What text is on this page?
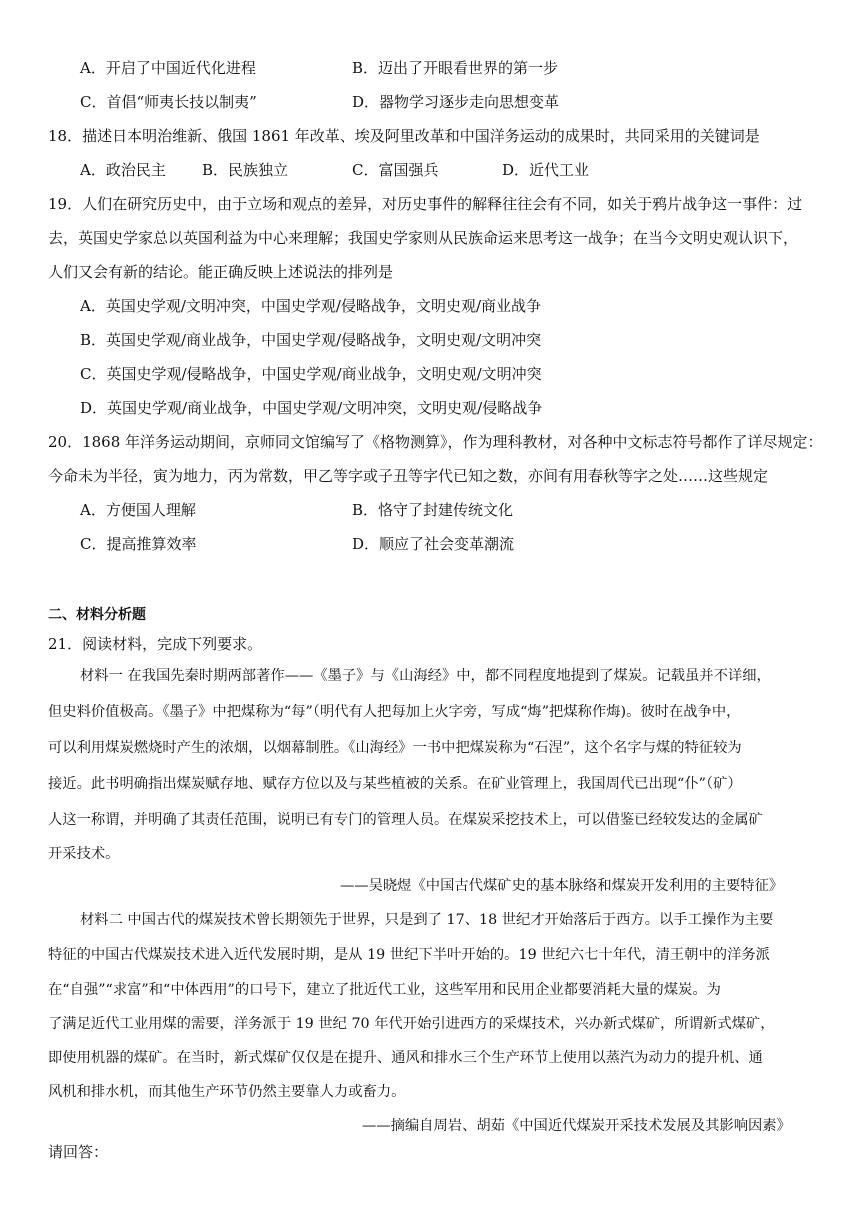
A．开启了中国近代化进程	B．迈出了开眼看世界的第一步
C．首倡“师夷长技以制夷”	D．器物学习逐步走向思想变革
18．描述日本明治维新、俄国 1861 年改革、埃及阿里改革和中国洋务运动的成果时，共同采用的关键词是
A．政治民主 B．民族独立	C．富国强兵	D．近代工业
19．人们在研究历史中，由于立场和观点的差异，对历史事件的解释往往会有不同，如关于鸦片战争这一事件：过
去，英国史学家总以英国利益为中心来理解；我国史学家则从民族命运来思考这一战争；在当今文明史观认识下，
人们又会有新的结论。能正确反映上述说法的排列是
A．英国史学观/文明冲突，中国史学观/侵略战争，文明史观/商业战争
B．英国史学观/商业战争，中国史学观/侵略战争，文明史观/文明冲突
C．英国史学观/侵略战争，中国史学观/商业战争，文明史观/文明冲突
D．英国史学观/商业战争，中国史学观/文明冲突，文明史观/侵略战争
20．1868 年洋务运动期间，京师同文馆编写了《格物测算》，作为理科教材，对各种中文标志符号都作了详尽规定：
今命未为半径，寅为地力，丙为常数，甲乙等字或子丑等字代已知之数，亦间有用春秋等字之处……这些规定
A．方便国人理解	B．恪守了封建传统文化
C．提高推算效率	D．顺应了社会变革潮流
二、材料分析题
21．阅读材料，完成下列要求。
材料一 在我国先秦时期两部著作——《墨子》与《山海经》中，都不同程度地提到了煤炭。记载虽并不详细，
但史料价值极高。《墨子》中把煤称为“每”（明代有人把每加上火字旁，写成“烸”把煤称作烸)。彼时在战争中，
可以利用煤炭燃烧时产生的浓烟，以烟幕制胜。《山海经》一书中把煤炭称为“石涅”，这个名字与煤的特征较为
接近。此书明确指出煤炭赋存地、赋存方位以及与某些植被的关系。在矿业管理上，我国周代已出现“仆”（矿）
人这一称谓，并明确了其责任范围，说明已有专门的管理人员。在煤炭采挖技术上，可以借鉴已经较发达的金属矿
开采技术。
——吴晓煜《中国古代煤矿史的基本脉络和煤炭开发利用的主要特征》
材料二 中国古代的煤炭技术曾长期领先于世界，只是到了 17、18 世纪才开始落后于西方。以手工操作为主要
特征的中国古代煤炭技术进入近代发展时期，是从 19 世纪下半叶开始的。19 世纪六七十年代，清王朝中的洋务派
在“自强”“求富”和“中体西用”的口号下，建立了批近代工业，这些军用和民用企业都要消耗大量的煤炭。为
了满足近代工业用煤的需要，洋务派于 19 世纪 70 年代开始引进西方的采煤技术，兴办新式煤矿，所谓新式煤矿，
即使用机器的煤矿。在当时，新式煤矿仅仅是在提升、通风和排水三个生产环节上使用以蒸汽为动力的提升机、通
风机和排水机，而其他生产环节仍然主要靠人力或畜力。
——摘编自周岩、胡茹《中国近代煤炭开采技术发展及其影响因素》
请回答：
